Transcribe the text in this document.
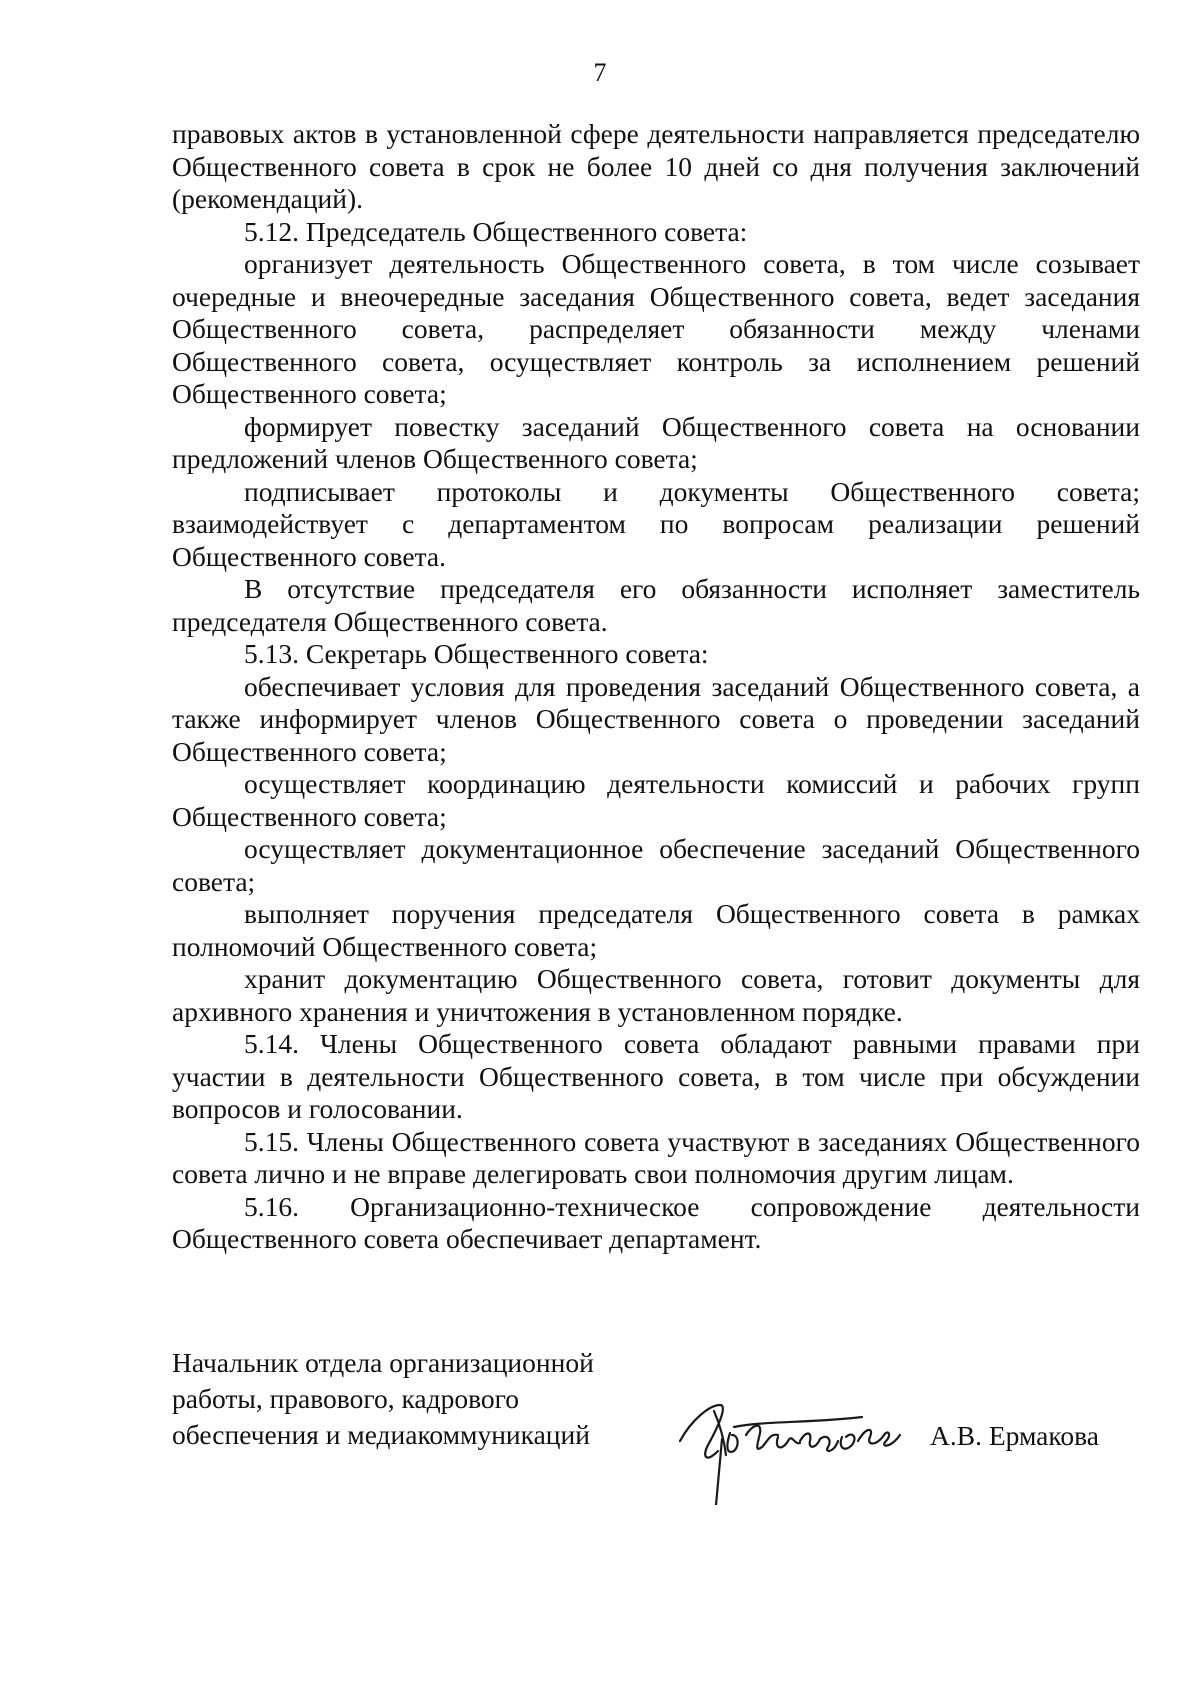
7

правовых актов в установленной сфере деятельности направляется председателю Общественного совета в срок не более 10 дней со дня получения заключений (рекомендаций).

5.12. Председатель Общественного совета:

организует деятельность Общественного совета, в том числе созывает очередные и внеочередные заседания Общественного совета, ведет заседания Общественного совета, распределяет обязанности между членами Общественного совета, осуществляет контроль за исполнением решений Общественного совета;

формирует повестку заседаний Общественного совета на основании предложений членов Общественного совета;

подписывает протоколы и документы Общественного совета; взаимодействует с департаментом по вопросам реализации решений Общественного совета.

В отсутствие председателя его обязанности исполняет заместитель председателя Общественного совета.

5.13. Секретарь Общественного совета:

обеспечивает условия для проведения заседаний Общественного совета, а также информирует членов Общественного совета о проведении заседаний Общественного совета;

осуществляет координацию деятельности комиссий и рабочих групп Общественного совета;

осуществляет документационное обеспечение заседаний Общественного совета;

выполняет поручения председателя Общественного совета в рамках полномочий Общественного совета;

хранит документацию Общественного совета, готовит документы для архивного хранения и уничтожения в установленном порядке.

5.14. Члены Общественного совета обладают равными правами при участии в деятельности Общественного совета, в том числе при обсуждении вопросов и голосовании.

5.15. Члены Общественного совета участвуют в заседаниях Общественного совета лично и не вправе делегировать свои полномочия другим лицам.

5.16. Организационно-техническое сопровождение деятельности Общественного совета обеспечивает департамент.

Начальник отдела организационной
работы, правового, кадрового
обеспечения и медиакоммуникаций	А.В. Ермакова
